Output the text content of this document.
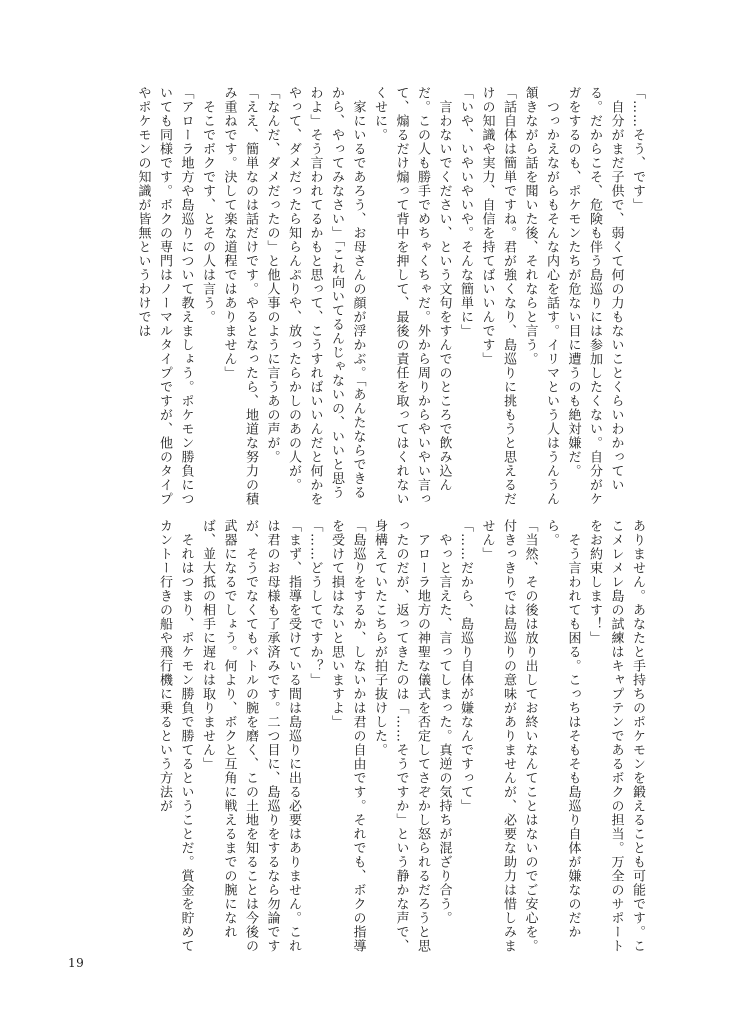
「……そう、です」

　自分がまだ子供で、弱くて何の力もないことくらいわかっている。だからこそ、危険も伴う島巡りには参加したくない。自分がケガをするのも、ポケモンたちが危ない目に遭うのも絶対嫌だ。

　つっかえながらもそんな内心を話す。イリマという人はうんうん頷きながら話を聞いた後、それならと言う。

「話自体は簡単ですね。君が強くなり、島巡りに挑もうと思えるだけの知識や実力、自信を持てばいいんです」

「いや、いやいやいや。そんな簡単に」

　言わないでください、という文句をすんでのところで飲み込んだ。この人も勝手でめちゃくちゃだ。外から周りからやいやい言って、煽るだけ煽って背中を押して、最後の責任を取ってはくれないくせに。

　家にいるであろう、お母さんの顔が浮かぶ。「あんたならできるから、やってみなさい」「これ向いてるんじゃないの、いいと思うわよ」そう言われてるかもと思って、こうすればいいんだと何かをやって、ダメだったら知らんぷりや、放ったらかしのあの人が。「なんだ、ダメだったの」と他人事のように言うあの声が。

「ええ、簡単なのは話だけです。やるとなったら、地道な努力の積み重ねです。決して楽な道程ではありません」

　そこでボクです、とその人は言う。

「アローラ地方や島巡りについて教えましょう。ポケモン勝負についても同様です。ボクの専門はノーマルタイプですが、他のタイプやポケモンの知識が皆無というわけでは

ありません。あなたと手持ちのポケモンを鍛えることも可能です。ここメレメレ島の試練はキャプテンであるボクの担当。万全のサポートをお約束します！」

　そう言われても困る。こっちはそもそも島巡り自体が嫌なのだから。

「当然、その後は放り出してお終いなんてことはないのでご安心を。付きっきりでは島巡りの意味がありませんが、必要な助力は惜しみません」

「……だから、島巡り自体が嫌なんですって」

　やっと言えた、言ってしまった。真逆の気持ちが混ざり合う。

　アローラ地方の神聖な儀式を否定してさぞかし怒られるだろうと思ったのだが、返ってきたのは「……そうですか」という静かな声で、身構えていたこちらが拍子抜けした。

「島巡りをするか、しないかは君の自由です。それでも、ボクの指導を受けて損はないと思いますよ」

「……どうしてですか？」

「まず、指導を受けている間は島巡りに出る必要はありません。これは君のお母様も了承済みです。二つ目に、島巡りをするなら勿論ですが、そうでなくてもバトルの腕を磨く、この土地を知ることは今後の武器になるでしょう。何より、ボクと互角に戦えるまでの腕になれば、並大抵の相手に遅れは取りません」

　それはつまり、ポケモン勝負で勝てるということだ。賞金を貯めてカントー行きの船や飛行機に乗るという方法が

19
